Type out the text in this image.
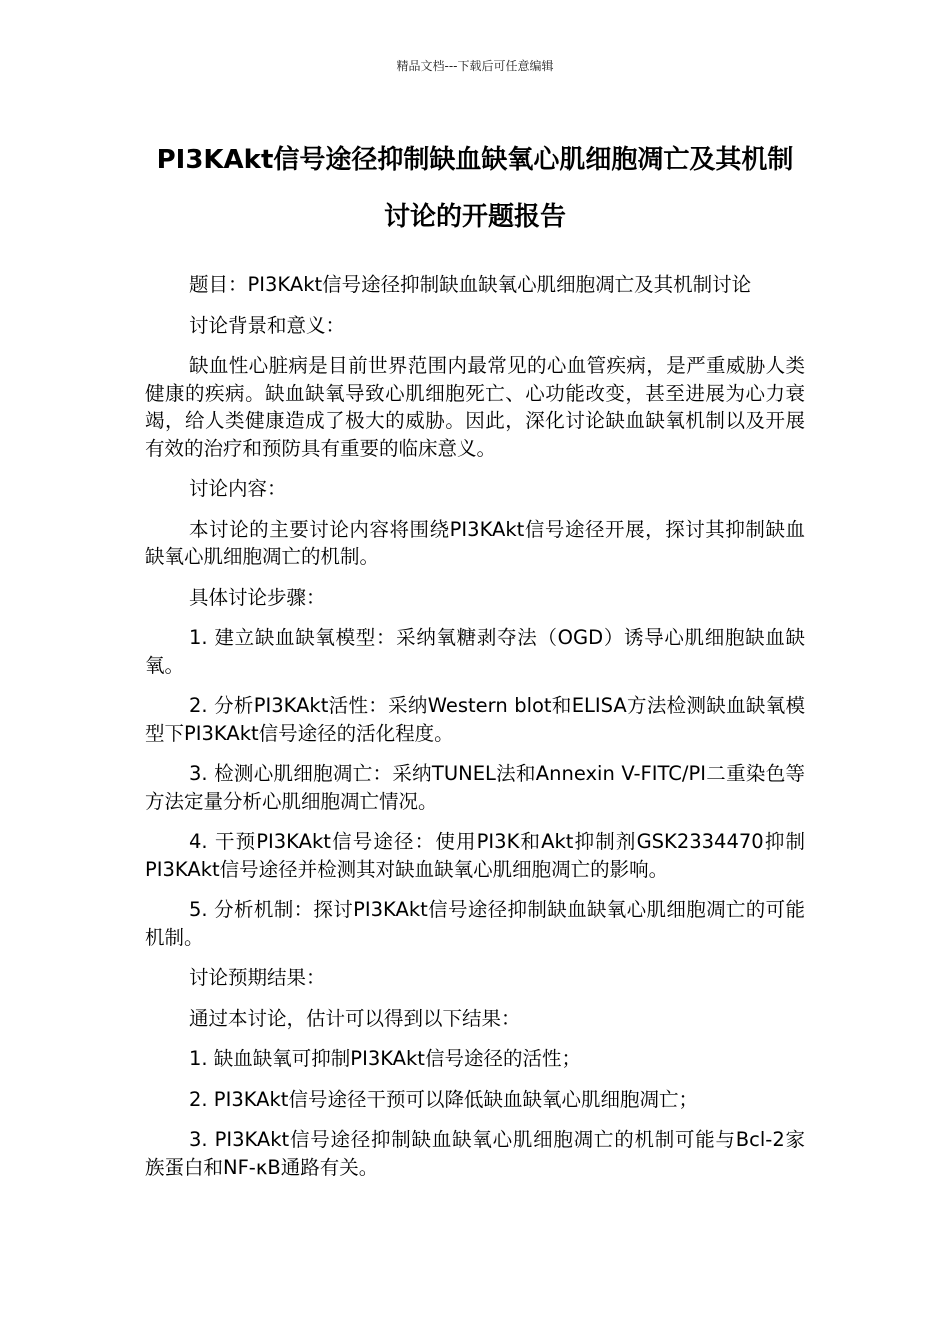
精品文档---下载后可任意编辑
PI3KAkt信号途径抑制缺血缺氧心肌细胞凋亡及其机制讨论的开题报告

题目：PI3KAkt信号途径抑制缺血缺氧心肌细胞凋亡及其机制讨论

讨论背景和意义：

缺血性心脏病是目前世界范围内最常见的心血管疾病，是严重威胁人类健康的疾病。缺血缺氧导致心肌细胞死亡、心功能改变，甚至进展为心力衰竭，给人类健康造成了极大的威胁。因此，深化讨论缺血缺氧机制以及开展有效的治疗和预防具有重要的临床意义。

讨论内容：

本讨论的主要讨论内容将围绕PI3KAkt信号途径开展，探讨其抑制缺血缺氧心肌细胞凋亡的机制。

具体讨论步骤：

1. 建立缺血缺氧模型：采纳氧糖剥夺法（OGD）诱导心肌细胞缺血缺氧。

2. 分析PI3KAkt活性：采纳Western blot和ELISA方法检测缺血缺氧模型下PI3KAkt信号途径的活化程度。

3. 检测心肌细胞凋亡：采纳TUNEL法和Annexin V-FITC/PI二重染色等方法定量分析心肌细胞凋亡情况。

4. 干预PI3KAkt信号途径：使用PI3K和Akt抑制剂GSK2334470抑制PI3KAkt信号途径并检测其对缺血缺氧心肌细胞凋亡的影响。

5. 分析机制：探讨PI3KAkt信号途径抑制缺血缺氧心肌细胞凋亡的可能机制。

讨论预期结果：

通过本讨论，估计可以得到以下结果：

1. 缺血缺氧可抑制PI3KAkt信号途径的活性；

2. PI3KAkt信号途径干预可以降低缺血缺氧心肌细胞凋亡；

3. PI3KAkt信号途径抑制缺血缺氧心肌细胞凋亡的机制可能与Bcl-2家族蛋白和NF-κB通路有关。
